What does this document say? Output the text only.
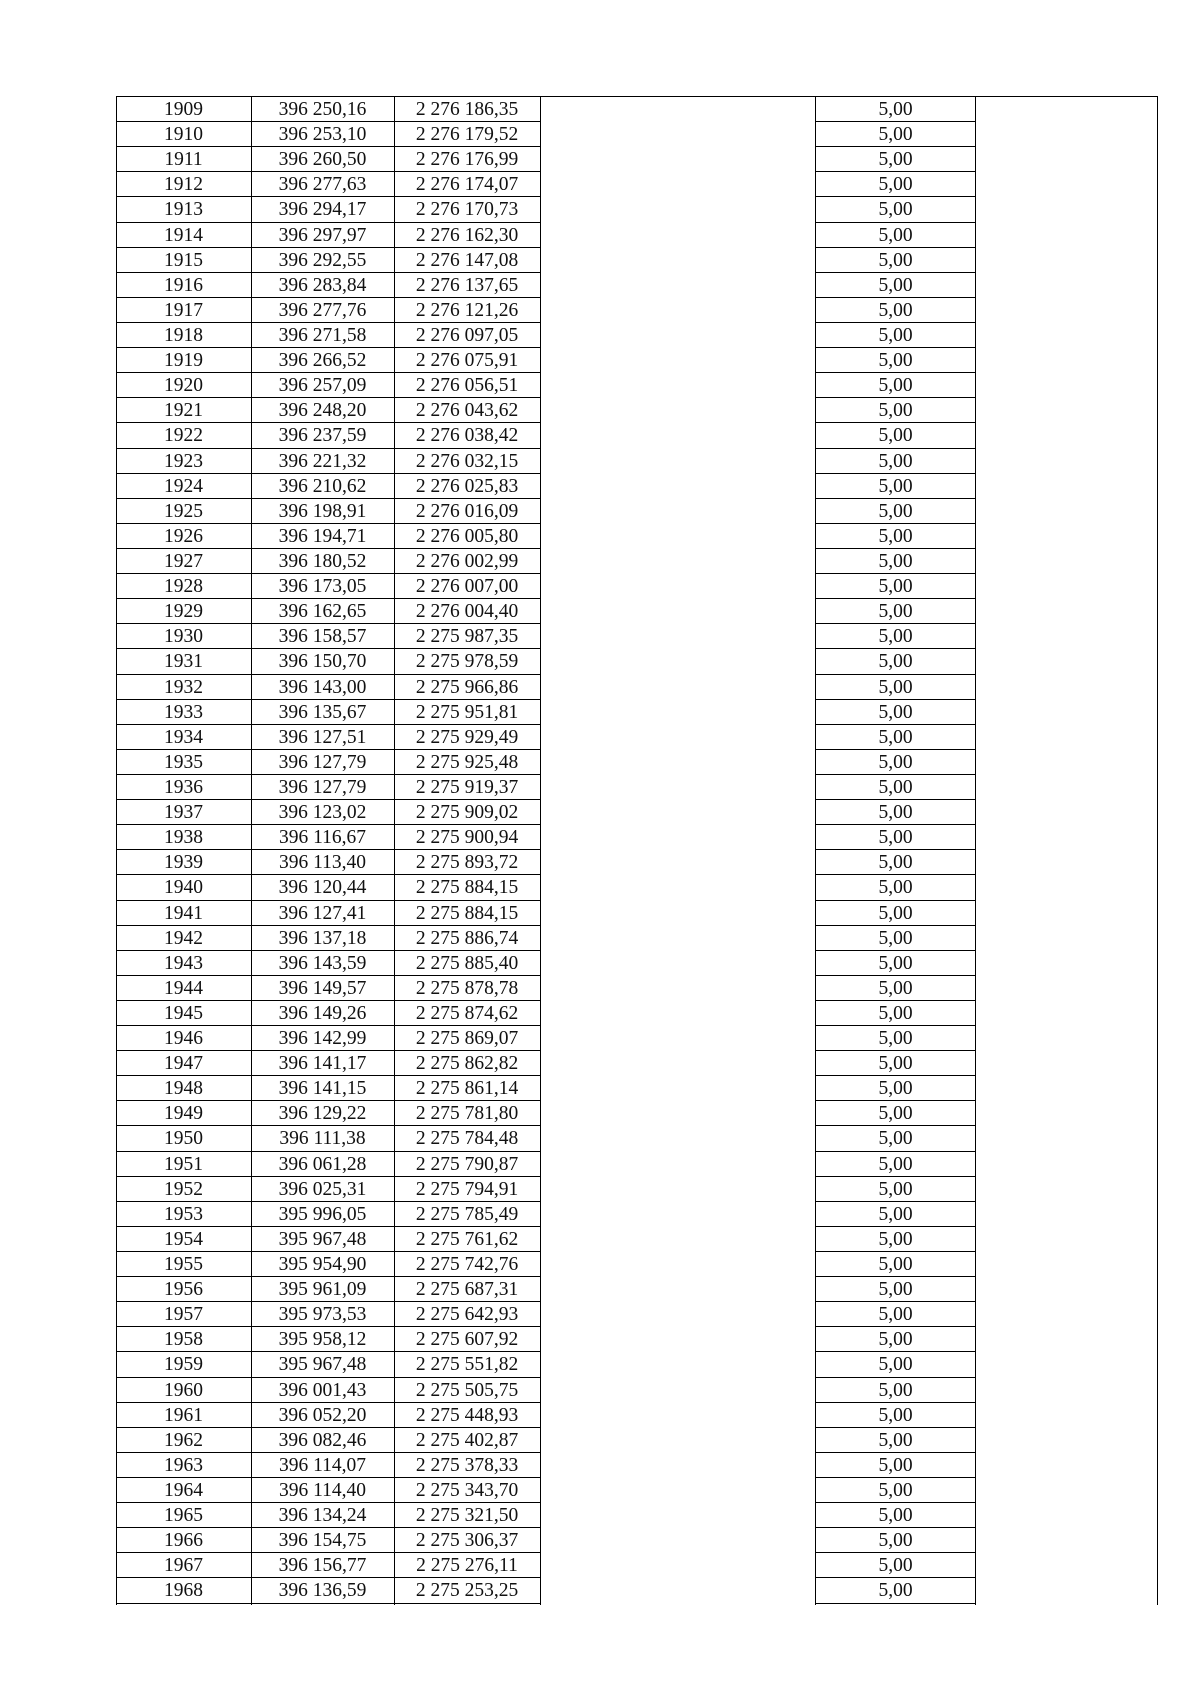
1909	396 250,16	2 276 186,35	5,00
1910	396 253,10	2 276 179,52	5,00
1911	396 260,50	2 276 176,99	5,00
1912	396 277,63	2 276 174,07	5,00
1913	396 294,17	2 276 170,73	5,00
1914	396 297,97	2 276 162,30	5,00
1915	396 292,55	2 276 147,08	5,00
1916	396 283,84	2 276 137,65	5,00
1917	396 277,76	2 276 121,26	5,00
1918	396 271,58	2 276 097,05	5,00
1919	396 266,52	2 276 075,91	5,00
1920	396 257,09	2 276 056,51	5,00
1921	396 248,20	2 276 043,62	5,00
1922	396 237,59	2 276 038,42	5,00
1923	396 221,32	2 276 032,15	5,00
1924	396 210,62	2 276 025,83	5,00
1925	396 198,91	2 276 016,09	5,00
1926	396 194,71	2 276 005,80	5,00
1927	396 180,52	2 276 002,99	5,00
1928	396 173,05	2 276 007,00	5,00
1929	396 162,65	2 276 004,40	5,00
1930	396 158,57	2 275 987,35	5,00
1931	396 150,70	2 275 978,59	5,00
1932	396 143,00	2 275 966,86	5,00
1933	396 135,67	2 275 951,81	5,00
1934	396 127,51	2 275 929,49	5,00
1935	396 127,79	2 275 925,48	5,00
1936	396 127,79	2 275 919,37	5,00
1937	396 123,02	2 275 909,02	5,00
1938	396 116,67	2 275 900,94	5,00
1939	396 113,40	2 275 893,72	5,00
1940	396 120,44	2 275 884,15	5,00
1941	396 127,41	2 275 884,15	5,00
1942	396 137,18	2 275 886,74	5,00
1943	396 143,59	2 275 885,40	5,00
1944	396 149,57	2 275 878,78	5,00
1945	396 149,26	2 275 874,62	5,00
1946	396 142,99	2 275 869,07	5,00
1947	396 141,17	2 275 862,82	5,00
1948	396 141,15	2 275 861,14	5,00
1949	396 129,22	2 275 781,80	5,00
1950	396 111,38	2 275 784,48	5,00
1951	396 061,28	2 275 790,87	5,00
1952	396 025,31	2 275 794,91	5,00
1953	395 996,05	2 275 785,49	5,00
1954	395 967,48	2 275 761,62	5,00
1955	395 954,90	2 275 742,76	5,00
1956	395 961,09	2 275 687,31	5,00
1957	395 973,53	2 275 642,93	5,00
1958	395 958,12	2 275 607,92	5,00
1959	395 967,48	2 275 551,82	5,00
1960	396 001,43	2 275 505,75	5,00
1961	396 052,20	2 275 448,93	5,00
1962	396 082,46	2 275 402,87	5,00
1963	396 114,07	2 275 378,33	5,00
1964	396 114,40	2 275 343,70	5,00
1965	396 134,24	2 275 321,50	5,00
1966	396 154,75	2 275 306,37	5,00
1967	396 156,77	2 275 276,11	5,00
1968	396 136,59	2 275 253,25	5,00
